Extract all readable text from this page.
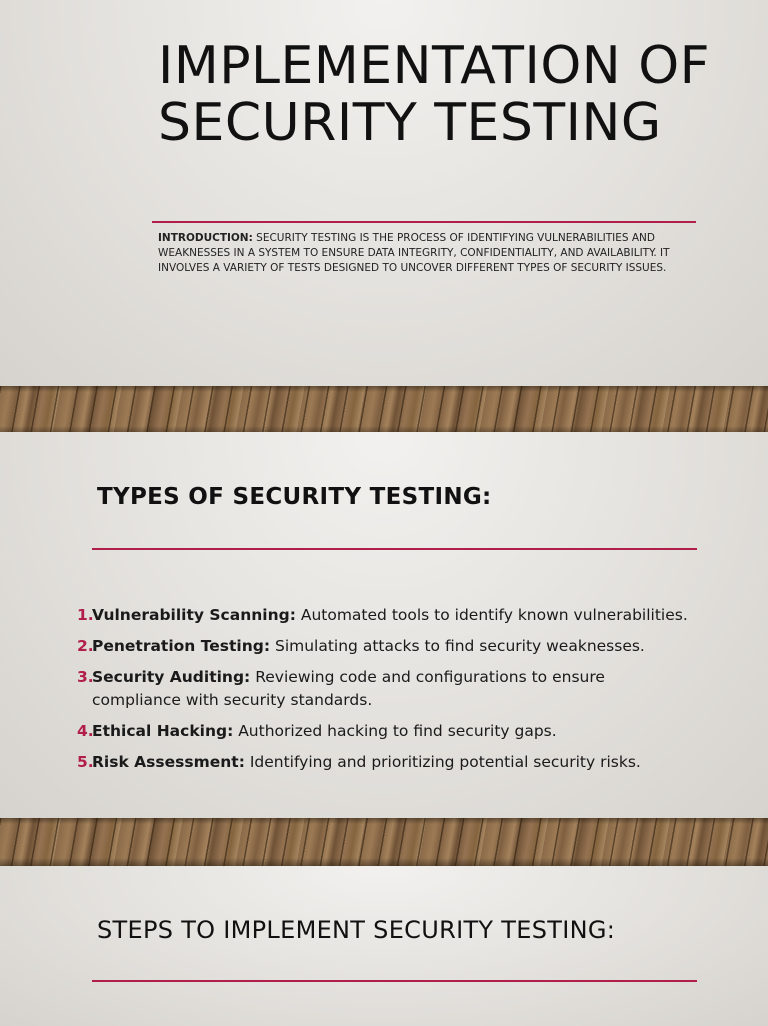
IMPLEMENTATION OF SECURITY TESTING

INTRODUCTION: SECURITY TESTING IS THE PROCESS OF IDENTIFYING VULNERABILITIES AND WEAKNESSES IN A SYSTEM TO ENSURE DATA INTEGRITY, CONFIDENTIALITY, AND AVAILABILITY. IT INVOLVES A VARIETY OF TESTS DESIGNED TO UNCOVER DIFFERENT TYPES OF SECURITY ISSUES.

TYPES OF SECURITY TESTING:
1.
Vulnerability Scanning: Automated tools to identify known vulnerabilities.
2.
Penetration Testing: Simulating attacks to find security weaknesses.
3.
Security Auditing: Reviewing code and configurations to ensure compliance with security standards.
4.
Ethical Hacking: Authorized hacking to find security gaps.
5.
Risk Assessment: Identifying and prioritizing potential security risks.
STEPS TO IMPLEMENT SECURITY TESTING:
